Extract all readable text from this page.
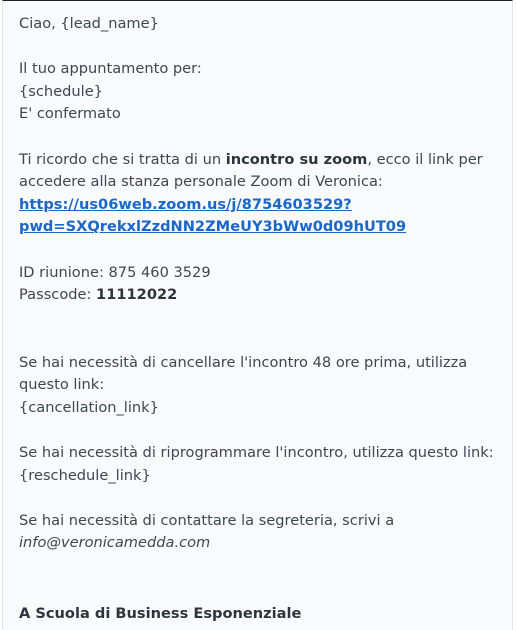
Ciao, {lead_name}
Il tuo appuntamento per:
{schedule}
E' confermato
Ti ricordo che si tratta di un incontro su zoom, ecco il link per
accedere alla stanza personale Zoom di Veronica:
https://us06web.zoom.us/j/8754603529?
pwd=SXQrekxlZzdNN2ZMeUY3bWw0d09hUT09
ID riunione: 875 460 3529
Passcode: 11112022
Se hai necessità di cancellare l'incontro 48 ore prima, utilizza
questo link:
{cancellation_link}
Se hai necessità di riprogrammare l'incontro, utilizza questo link:
{reschedule_link}
Se hai necessità di contattare la segreteria, scrivi a
info@veronicamedda.com
A Scuola di Business Esponenziale
